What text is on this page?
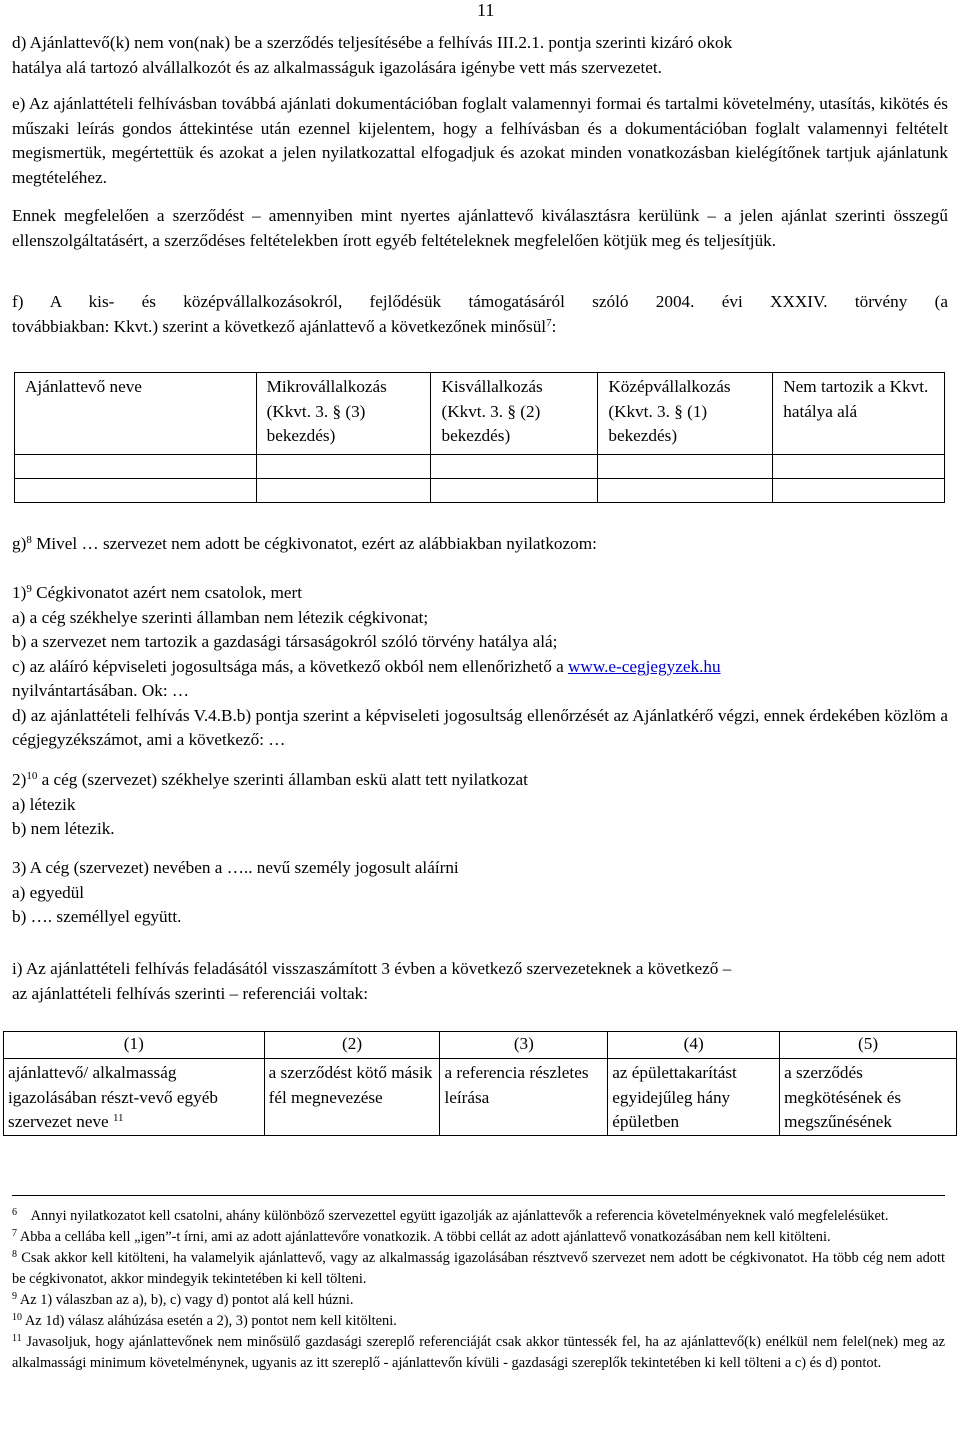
11
d) Ajánlattevő(k) nem von(nak) be a szerződés teljesítésébe a felhívás III.2.1. pontja szerinti kizáró okok
hatálya alá tartozó alvállalkozót és az alkalmasságuk igazolására igénybe vett más szervezetet.
e) Az ajánlattételi felhívásban továbbá ajánlati dokumentációban foglalt valamennyi formai és tartalmi követelmény, utasítás, kikötés és műszaki leírás gondos áttekintése után ezennel kijelentem, hogy a felhívásban és a dokumentációban foglalt valamennyi feltételt megismertük, megértettük és azokat a jelen nyilatkozattal elfogadjuk és azokat minden vonatkozásban kielégítőnek tartjuk ajánlatunk megtételéhez.
Ennek megfelelően a szerződést – amennyiben mint nyertes ajánlattevő kiválasztásra kerülünk – a jelen ajánlat szerinti összegű ellenszolgáltatásért, a szerződéses feltételekben írott egyéb feltételeknek megfelelően kötjük meg és teljesítjük.
f) A kis- és középvállalkozásokról, fejlődésük támogatásáról szóló 2004. évi XXXIV. törvény (a
továbbiakban: Kkvt.) szerint a következő ajánlattevő a következőnek minősül$^7$:
Ajánlattevő neve	Mikrovállalkozás (Kkvt. 3. § (3) bekezdés)	Kisvállalkozás (Kkvt. 3. § (2) bekezdés)	Középvállalkozás (Kkvt. 3. § (1) bekezdés)	Nem tartozik a Kkvt. hatálya alá

g)$^8$ Mivel … szervezet nem adott be cégkivonatot, ezért az alábbiakban nyilatkozom:
1)$^9$ Cégkivonatot azért nem csatolok, mert
a) a cég székhelye szerinti államban nem létezik cégkivonat;
b) a szervezet nem tartozik a gazdasági társaságokról szóló törvény hatálya alá;
c) az aláíró képviseleti jogosultsága más, a következő okból nem ellenőrizhető a www.e-cegjegyzek.hu
nyilvántartásában. Ok: …
d) az ajánlattételi felhívás V.4.B.b) pontja szerint a képviseleti jogosultság ellenőrzését az Ajánlatkérő végzi, ennek érdekében közlöm a cégjegyzékszámot, ami a következő: …
2)$^{10}$ a cég (szervezet) székhelye szerinti államban eskü alatt tett nyilatkozat
a) létezik
b) nem létezik.
3) A cég (szervezet) nevében a ….. nevű személy jogosult aláírni
a) egyedül
b) …. személlyel együtt.
i) Az ajánlattételi felhívás feladásától visszaszámított 3 évben a következő szervezeteknek a következő –
az ajánlattételi felhívás szerinti – referenciái voltak:
(1)	(2)	(3)	(4)	(5)
ajánlattevő/ alkalmasság igazolásában részt-vevő egyéb szervezet neve $^{11}$	a szerződést kötő másik fél megnevezése	a referencia részletes leírása	az épülettakarítást egyidejűleg hány épületben	a szerződés megkötésének és megszűnésének
$^6$ Annyi nyilatkozatot kell csatolni, ahány különböző szervezettel együtt igazolják az ajánlattevők a referencia követelményeknek való megfelelésüket.
$^7$ Abba a cellába kell „igen”-t írni, ami az adott ajánlattevőre vonatkozik. A többi cellát az adott ajánlattevő vonatkozásában nem kell kitölteni.
$^8$ Csak akkor kell kitölteni, ha valamelyik ajánlattevő, vagy az alkalmasság igazolásában résztvevő szervezet nem adott be cégkivonatot. Ha több cég nem adott be cégkivonatot, akkor mindegyik tekintetében ki kell tölteni.
$^9$ Az 1) válaszban az a), b), c) vagy d) pontot alá kell húzni.
$^{10}$ Az 1d) válasz aláhúzása esetén a 2), 3) pontot nem kell kitölteni.
$^{11}$ Javasoljuk, hogy ajánlattevőnek nem minősülő gazdasági szereplő referenciáját csak akkor tüntessék fel, ha az ajánlattevő(k) enélkül nem felel(nek) meg az alkalmassági minimum követelménynek, ugyanis az itt szereplő - ajánlattevőn kívüli - gazdasági szereplők tekintetében ki kell tölteni a c) és d) pontot.
